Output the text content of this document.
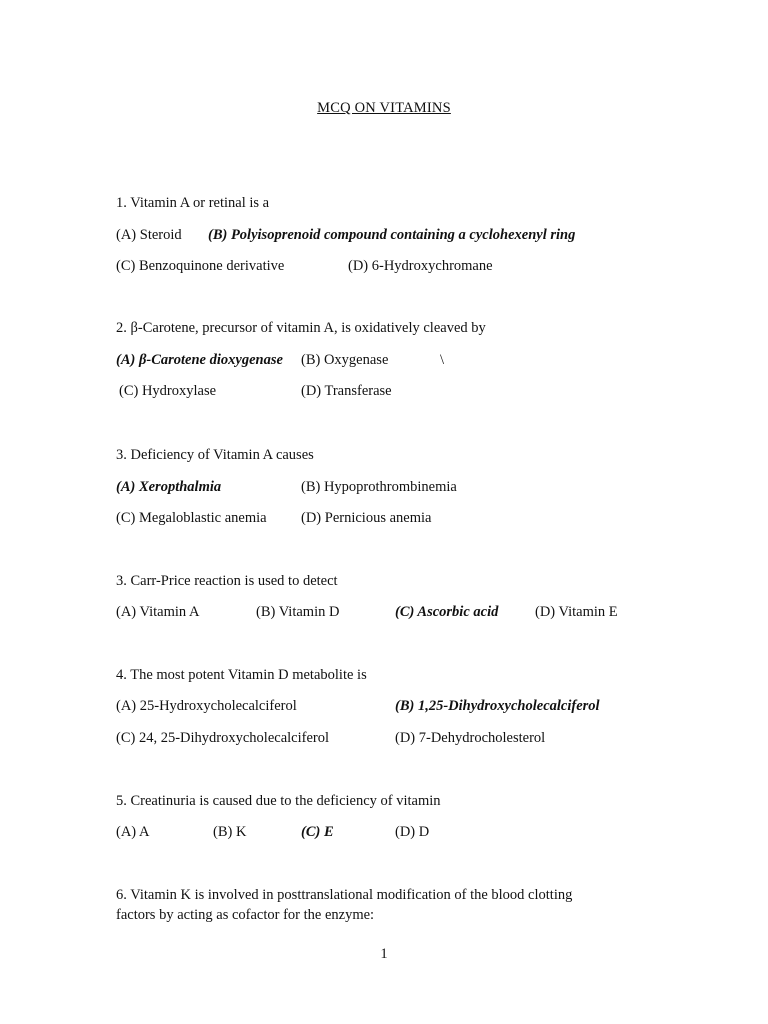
MCQ ON VITAMINS
1. Vitamin A or retinal is a
(A) Steroid (B) Polyisoprenoid compound containing a cyclohexenyl ring
(C) Benzoquinone derivative	(D) 6-Hydroxychromane
2. β-Carotene, precursor of vitamin A, is oxidatively cleaved by
(A) β-Carotene dioxygenase (B) Oxygenase	\
(C) Hydroxylase	(D) Transferase
3. Deficiency of Vitamin A causes
(A) Xeropthalmia	(B) Hypoprothrombinemia
(C) Megaloblastic anemia (D) Pernicious anemia
3. Carr-Price reaction is used to detect
(A) Vitamin A	(B) Vitamin D	(C) Ascorbic acid	(D) Vitamin E
4. The most potent Vitamin D metabolite is
(A) 25-Hydroxycholecalciferol	(B) 1,25-Dihydroxycholecalciferol
(C) 24, 25-Dihydroxycholecalciferol	(D) 7-Dehydrocholesterol
5. Creatinuria is caused due to the deficiency of vitamin
(A) A	(B) K	(C) E	(D) D
6. Vitamin K is involved in posttranslational modification of the blood clotting
factors by acting as cofactor for the enzyme:
1
